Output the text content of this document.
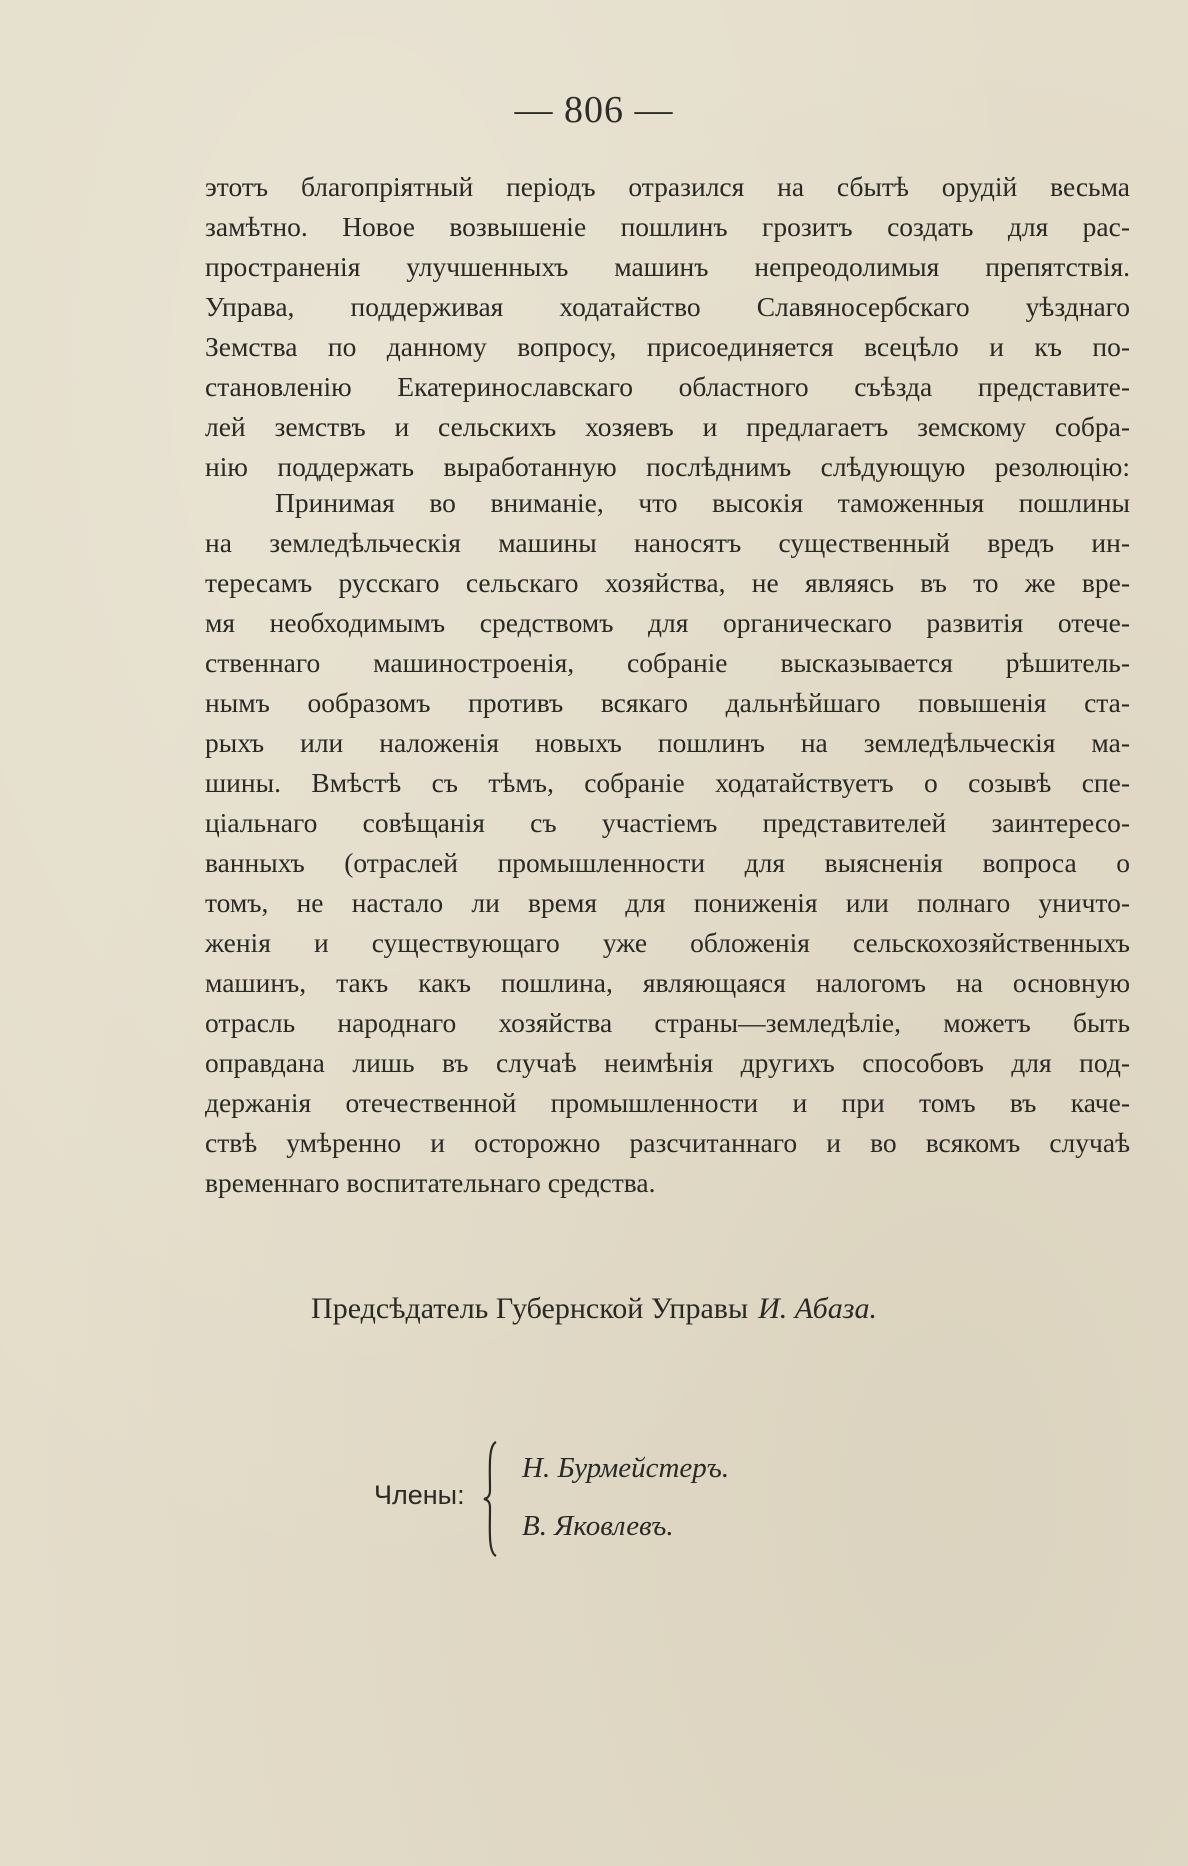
— 806 —
этотъ благопріятный періодъ отразился на сбытѣ орудій весьма
замѣтно. Новое возвышеніе пошлинъ грозитъ создать для рас-
пространенія улучшенныхъ машинъ непреодолимыя препятствія.
Управа, поддерживая ходатайство Славяносербскаго уѣзднаго
Земства по данному вопросу, присоединяется всецѣло и къ по-
становленію Екатеринославскаго областного съѣзда представите-
лей земствъ и сельскихъ хозяевъ и предлагаетъ земскому собра-
нію поддержать выработанную послѣднимъ слѣдующую резолюцію:
Принимая во вниманіе, что высокія таможенныя пошлины
на земледѣльческія машины наносятъ существенный вредъ ин-
тересамъ русскаго сельскаго хозяйства, не являясь въ то же вре-
мя необходимымъ средствомъ для органическаго развитія отече-
ственнаго машиностроенія, собраніе высказывается рѣшитель-
нымъ ообразомъ противъ всякаго дальнѣйшаго повышенія ста-
рыхъ или наложенія новыхъ пошлинъ на земледѣльческія ма-
шины. Вмѣстѣ съ тѣмъ, собраніе ходатайствуетъ о созывѣ спе-
ціальнаго совѣщанія съ участіемъ представителей заинтересо-
ванныхъ (отраслей промышленности для выясненія вопроса о
томъ, не настало ли время для пониженія или полнаго уничто-
женія и существующаго уже обложенія сельскохозяйственныхъ
машинъ, такъ какъ пошлина, являющаяся налогомъ на основную
отрасль народнаго хозяйства страны—земледѣліе, можетъ быть
оправдана лишь въ случаѣ неимѣнія другихъ способовъ для под-
держанія отечественной промышленности и при томъ въ каче-
ствѣ умѣренно и осторожно разсчитаннаго и во всякомъ случаѣ
временнаго воспитательнаго средства.
Предсѣдатель Губернской Управы И. Абаза.
Члены:
Н. Бурмейстеръ.
В. Яковлевъ.
